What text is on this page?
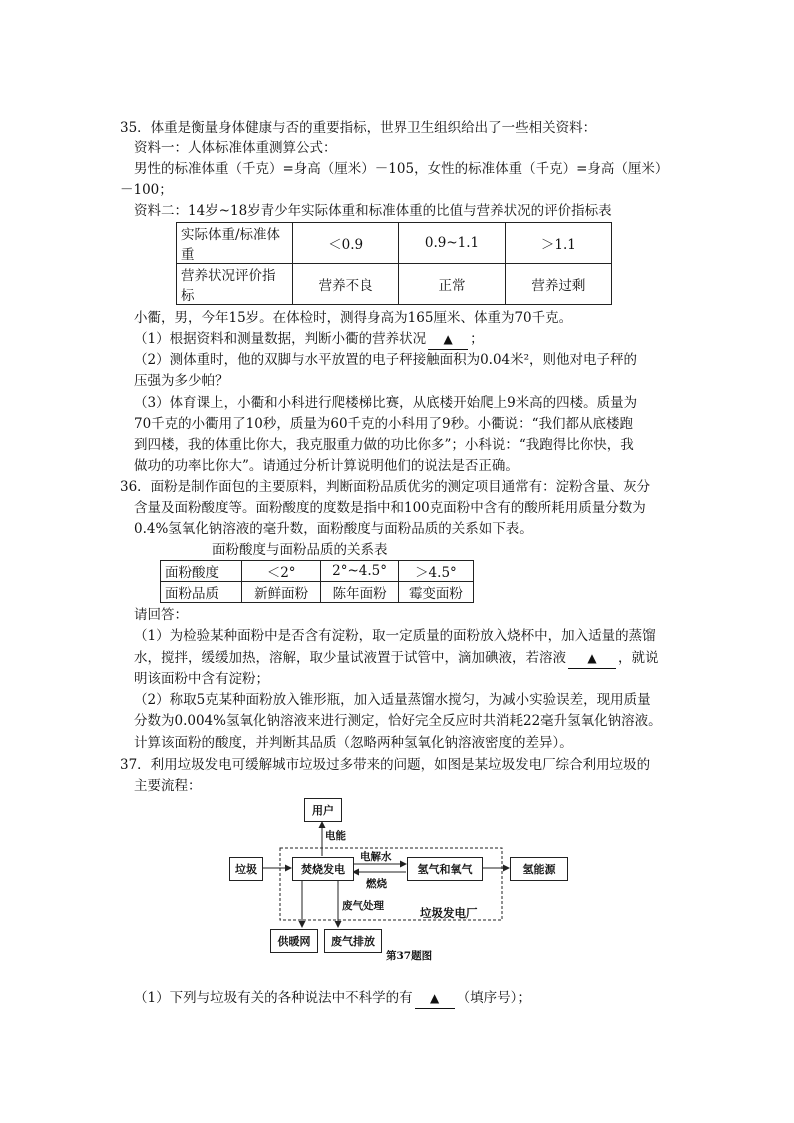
35．体重是衡量身体健康与否的重要指标，世界卫生组织给出了一些相关资料：
资料一：人体标准体重测算公式：
男性的标准体重（千克）=身高（厘米）－105，女性的标准体重（千克）=身高（厘米）
－100；
资料二：14岁~18岁青少年实际体重和标准体重的比值与营养状况的评价指标表
实际体重/标准体重	＜0.9	0.9~1.1	＞1.1
营养状况评价指标	营养不良	正常	营养过剩
小衢，男，今年15岁。在体检时，测得身高为165厘米、体重为70千克。
（1）根据资料和测量数据，判断小衢的营养状况 ▲ ；
（2）测体重时，他的双脚与水平放置的电子秤接触面积为0.04米²，则他对电子秤的
压强为多少帕？
（3）体育课上，小衢和小科进行爬楼梯比赛，从底楼开始爬上9米高的四楼。质量为
70千克的小衢用了10秒，质量为60千克的小科用了9秒。小衢说：“我们都从底楼跑
到四楼，我的体重比你大，我克服重力做的功比你多”；小科说：“我跑得比你快，我
做功的功率比你大”。请通过分析计算说明他们的说法是否正确。
36．面粉是制作面包的主要原料，判断面粉品质优劣的测定项目通常有：淀粉含量、灰分
含量及面粉酸度等。面粉酸度的度数是指中和100克面粉中含有的酸所耗用质量分数为
0.4%氢氧化钠溶液的毫升数，面粉酸度与面粉品质的关系如下表。
面粉酸度与面粉品质的关系表
面粉酸度	＜2°	2°~4.5°	＞4.5°
面粉品质	新鲜面粉	陈年面粉	霉变面粉
请回答：
（1）为检验某种面粉中是否含有淀粉，取一定质量的面粉放入烧杯中，加入适量的蒸馏
水，搅拌，缓缓加热，溶解，取少量试液置于试管中，滴加碘液，若溶液 ▲ ，就说
明该面粉中含有淀粉；
（2）称取5克某种面粉放入锥形瓶，加入适量蒸馏水搅匀，为减小实验误差，现用质量
分数为0.004%氢氧化钠溶液来进行测定，恰好完全反应时共消耗22毫升氢氧化钠溶液。
计算该面粉的酸度，并判断其品质（忽略两种氢氧化钠溶液密度的差异）。
37．利用垃圾发电可缓解城市垃圾过多带来的问题，如图是某垃圾发电厂综合利用垃圾的
主要流程：
用户
电能
垃圾	焚烧发电
电解水
燃烧
氢气和氧气	氢能源
废气处理	垃圾发电厂
供暖网	废气排放
第37题图
（1）下列与垃圾有关的各种说法中不科学的有 ▲ （填序号）；
